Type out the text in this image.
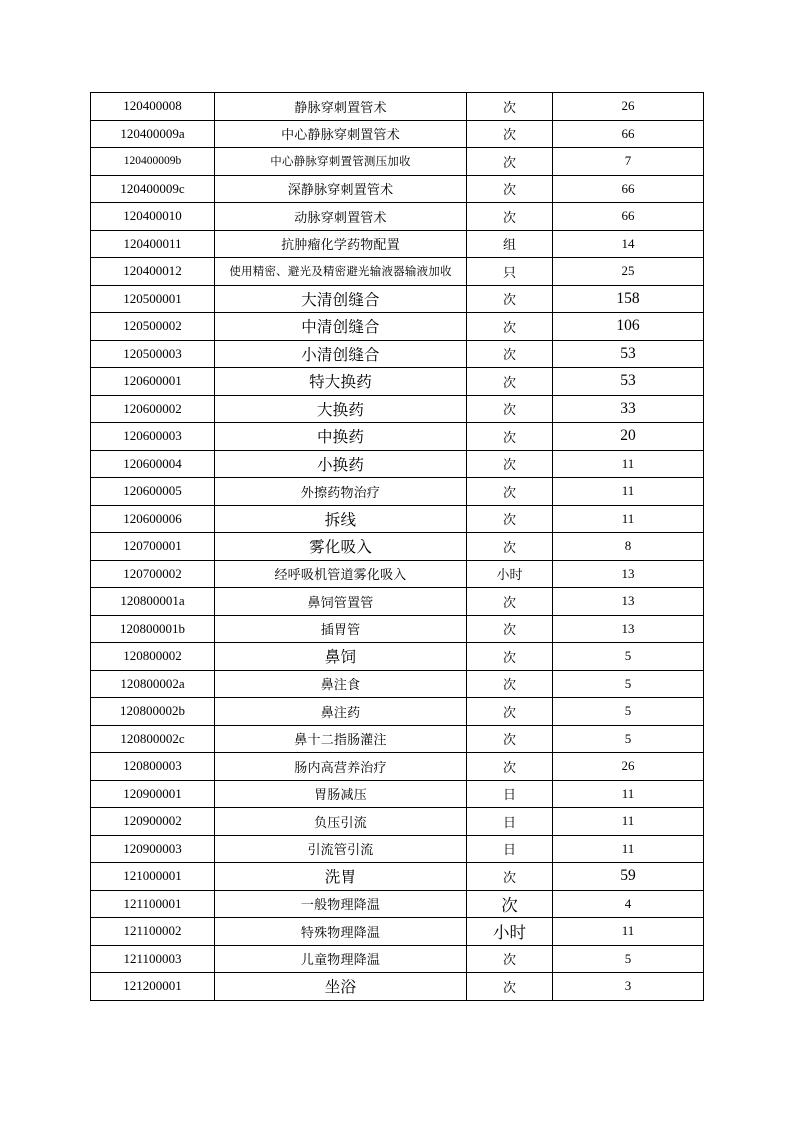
120400008	静脉穿刺置管术	次	26
120400009a	中心静脉穿刺置管术	次	66
120400009b	中心静脉穿刺置管测压加收	次	7
120400009c	深静脉穿刺置管术	次	66
120400010	动脉穿刺置管术	次	66
120400011	抗肿瘤化学药物配置	组	14
120400012	使用精密、避光及精密避光输液器输液加收	只	25
120500001	大清创缝合	次	158
120500002	中清创缝合	次	106
120500003	小清创缝合	次	53
120600001	特大换药	次	53
120600002	大换药	次	33
120600003	中换药	次	20
120600004	小换药	次	11
120600005	外擦药物治疗	次	11
120600006	拆线	次	11
120700001	雾化吸入	次	8
120700002	经呼吸机管道雾化吸入	小时	13
120800001a	鼻饲管置管	次	13
120800001b	插胃管	次	13
120800002	鼻饲	次	5
120800002a	鼻注食	次	5
120800002b	鼻注药	次	5
120800002c	鼻十二指肠灌注	次	5
120800003	肠内高营养治疗	次	26
120900001	胃肠减压	日	11
120900002	负压引流	日	11
120900003	引流管引流	日	11
121000001	洗胃	次	59
121100001	一般物理降温	次	4
121100002	特殊物理降温	小时	11
121100003	儿童物理降温	次	5
121200001	坐浴	次	3
